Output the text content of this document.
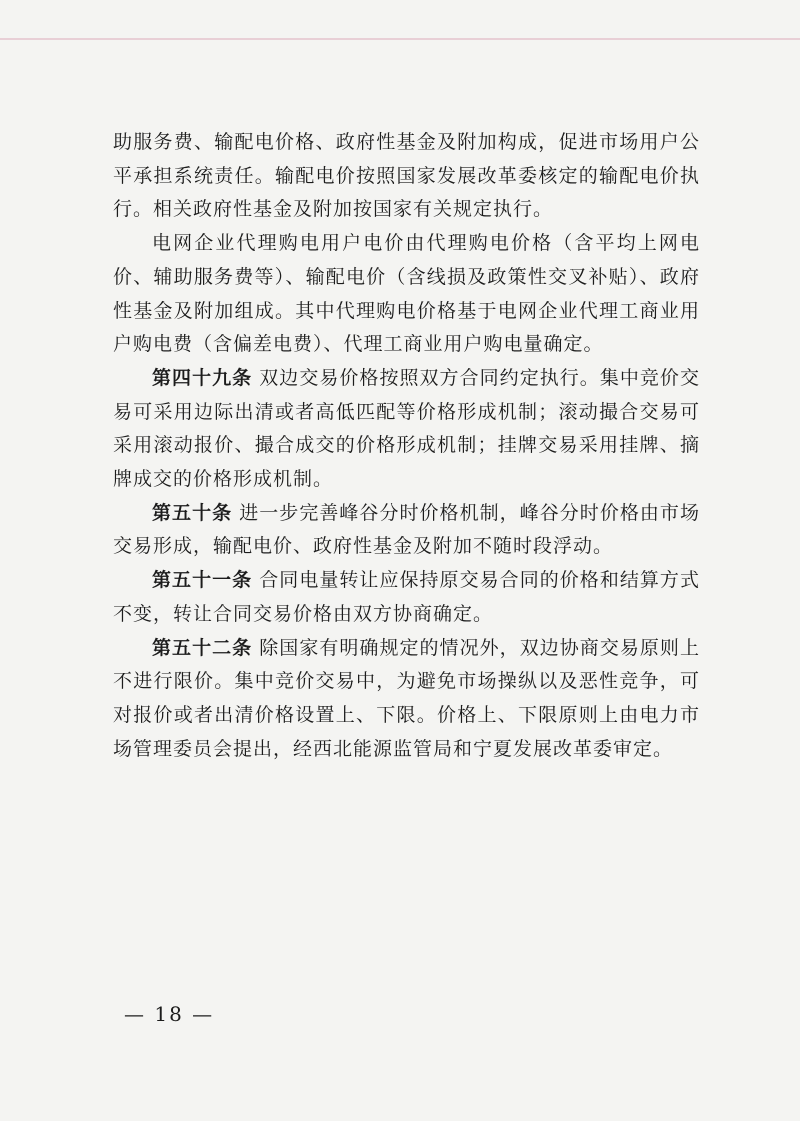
助服务费、输配电价格、政府性基金及附加构成，促进市场用户公平承担系统责任。输配电价按照国家发展改革委核定的输配电价执行。相关政府性基金及附加按国家有关规定执行。

电网企业代理购电用户电价由代理购电价格（含平均上网电价、辅助服务费等）、输配电价（含线损及政策性交叉补贴）、政府性基金及附加组成。其中代理购电价格基于电网企业代理工商业用户购电费（含偏差电费）、代理工商业用户购电量确定。

第四十九条 双边交易价格按照双方合同约定执行。集中竞价交易可采用边际出清或者高低匹配等价格形成机制；滚动撮合交易可采用滚动报价、撮合成交的价格形成机制；挂牌交易采用挂牌、摘牌成交的价格形成机制。

第五十条 进一步完善峰谷分时价格机制，峰谷分时价格由市场交易形成，输配电价、政府性基金及附加不随时段浮动。

第五十一条 合同电量转让应保持原交易合同的价格和结算方式不变，转让合同交易价格由双方协商确定。

第五十二条 除国家有明确规定的情况外，双边协商交易原则上不进行限价。集中竞价交易中，为避免市场操纵以及恶性竞争，可对报价或者出清价格设置上、下限。价格上、下限原则上由电力市场管理委员会提出，经西北能源监管局和宁夏发展改革委审定。

— 18 —
